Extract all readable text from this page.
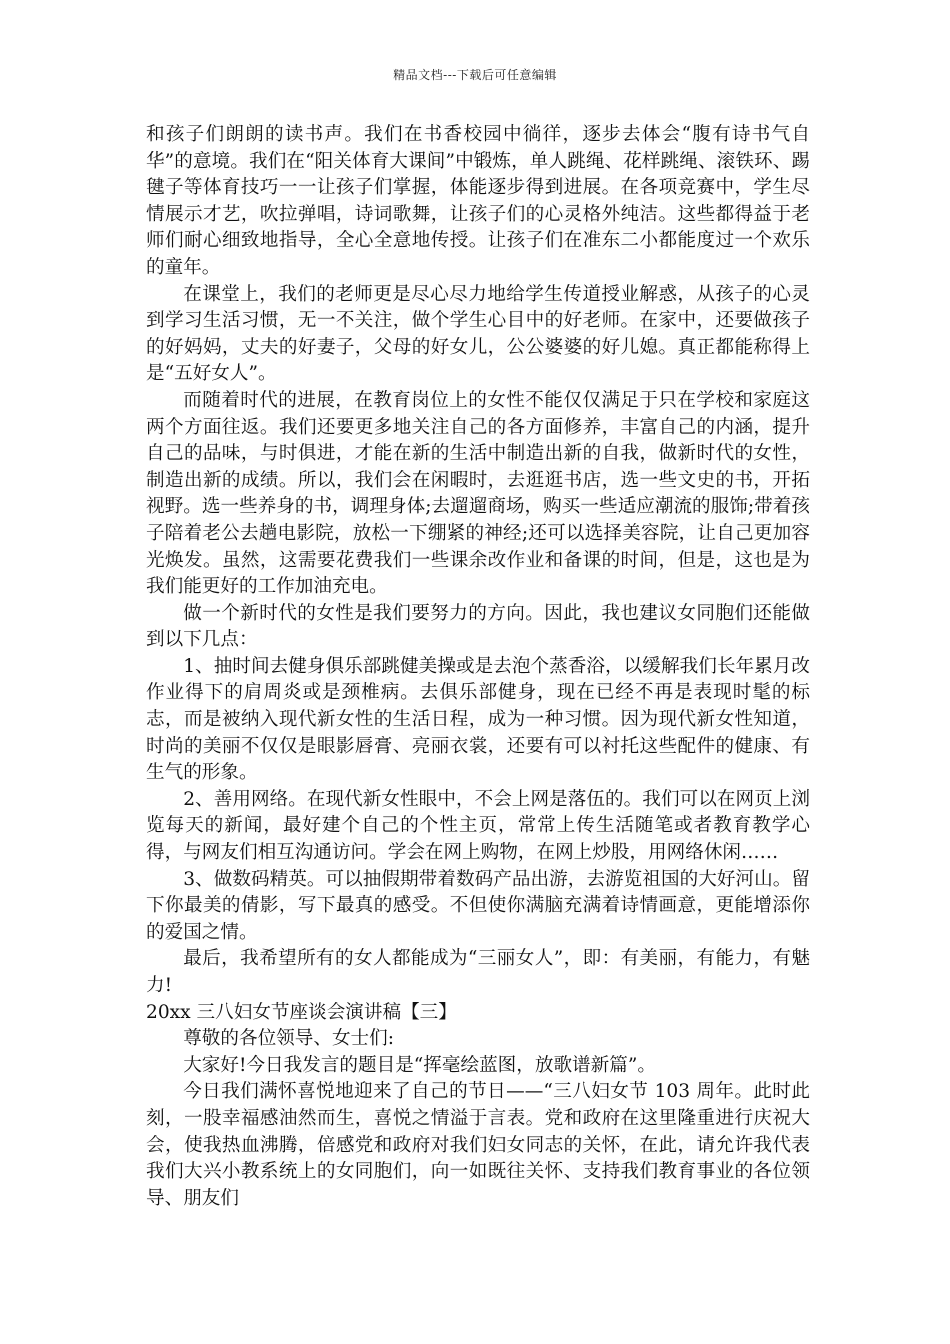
精品文档---下载后可任意编辑

和孩子们朗朗的读书声。我们在书香校园中徜徉，逐步去体会“腹有诗书气自华”的意境。我们在“阳关体育大课间”中锻炼，单人跳绳、花样跳绳、滚铁环、踢毽子等体育技巧一一让孩子们掌握，体能逐步得到进展。在各项竞赛中，学生尽情展示才艺，吹拉弹唱，诗词歌舞，让孩子们的心灵格外纯洁。这些都得益于老师们耐心细致地指导，全心全意地传授。让孩子们在准东二小都能度过一个欢乐的童年。

在课堂上，我们的老师更是尽心尽力地给学生传道授业解惑，从孩子的心灵到学习生活习惯，无一不关注，做个学生心目中的好老师。在家中，还要做孩子的好妈妈，丈夫的好妻子，父母的好女儿，公公婆婆的好儿媳。真正都能称得上是“五好女人”。

而随着时代的进展，在教育岗位上的女性不能仅仅满足于只在学校和家庭这两个方面往返。我们还要更多地关注自己的各方面修养，丰富自己的内涵，提升自己的品味，与时俱进，才能在新的生活中制造出新的自我，做新时代的女性，制造出新的成绩。所以，我们会在闲暇时，去逛逛书店，选一些文史的书，开拓视野。选一些养身的书，调理身体;去遛遛商场，购买一些适应潮流的服饰;带着孩子陪着老公去趟电影院，放松一下绷紧的神经;还可以选择美容院，让自己更加容光焕发。虽然，这需要花费我们一些课余改作业和备课的时间，但是，这也是为我们能更好的工作加油充电。

做一个新时代的女性是我们要努力的方向。因此，我也建议女同胞们还能做到以下几点：

1、抽时间去健身俱乐部跳健美操或是去泡个蒸香浴，以缓解我们长年累月改作业得下的肩周炎或是颈椎病。去俱乐部健身，现在已经不再是表现时髦的标志，而是被纳入现代新女性的生活日程，成为一种习惯。因为现代新女性知道，时尚的美丽不仅仅是眼影唇膏、亮丽衣裳，还要有可以衬托这些配件的健康、有生气的形象。

2、善用网络。在现代新女性眼中，不会上网是落伍的。我们可以在网页上浏览每天的新闻，最好建个自己的个性主页，常常上传生活随笔或者教育教学心得，与网友们相互沟通访问。学会在网上购物，在网上炒股，用网络休闲……

3、做数码精英。可以抽假期带着数码产品出游，去游览祖国的大好河山。留下你最美的倩影，写下最真的感受。不但使你满脑充满着诗情画意，更能增添你的爱国之情。

最后，我希望所有的女人都能成为“三丽女人”，即：有美丽，有能力，有魅力!

20xx 三八妇女节座谈会演讲稿【三】

尊敬的各位领导、女士们:

大家好!今日我发言的题目是“挥毫绘蓝图，放歌谱新篇”。

今日我们满怀喜悦地迎来了自己的节日——“三八妇女节 103 周年。此时此刻，一股幸福感油然而生，喜悦之情溢于言表。党和政府在这里隆重进行庆祝大会，使我热血沸腾，倍感党和政府对我们妇女同志的关怀，在此，请允许我代表我们大兴小教系统上的女同胞们，向一如既往关怀、支持我们教育事业的各位领导、朋友们
